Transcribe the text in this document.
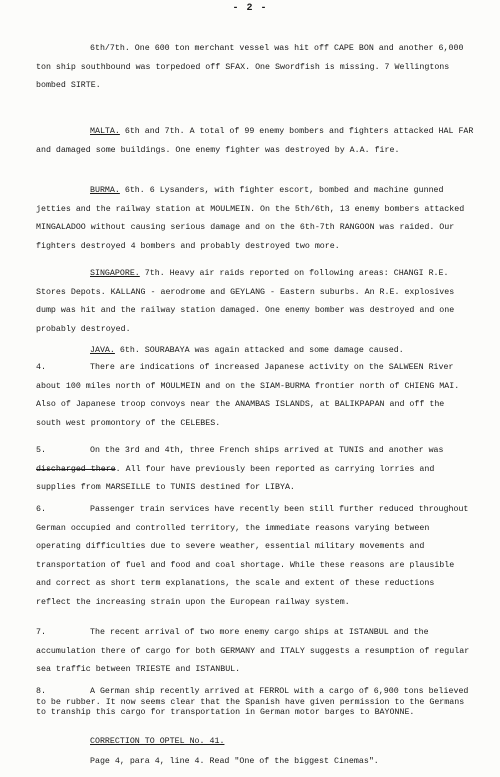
- 2 -

6th/7th. One 600 ton merchant vessel was hit off CAPE BON and another 6,000 ton ship southbound was torpedoed off SFAX. One Swordfish is missing. 7 Wellingtons bombed SIRTE.

MALTA. 6th and 7th. A total of 99 enemy bombers and fighters attacked HAL FAR and damaged some buildings. One enemy fighter was destroyed by A.A. fire.

BURMA. 6th. 6 Lysanders, with fighter escort, bombed and machine gunned jetties and the railway station at MOULMEIN. On the 5th/6th, 13 enemy bombers attacked MINGALADOO without causing serious damage and on the 6th-7th RANGOON was raided. Our fighters destroyed 4 bombers and probably destroyed two more.

SINGAPORE. 7th. Heavy air raids reported on following areas: CHANGI R.E. Stores Depots. KALLANG - aerodrome and GEYLANG - Eastern suburbs. An R.E. explosives dump was hit and the railway station damaged. One enemy bomber was destroyed and one probably destroyed.

JAVA. 6th. SOURABAYA was again attacked and some damage caused.

4.	There are indications of increased Japanese activity on the SALWEEN River about 100 miles north of MOULMEIN and on the SIAM-BURMA frontier north of CHIENG MAI. Also of Japanese troop convoys near the ANAMBAS ISLANDS, at BALIKPAPAN and off the south west promontory of the CELEBES.

5.	On the 3rd and 4th, three French ships arrived at TUNIS and another was discharged there. All four have previously been reported as carrying lorries and supplies from MARSEILLE to TUNIS destined for LIBYA.

6.	Passenger train services have recently been still further reduced throughout German occupied and controlled territory, the immediate reasons varying between operating difficulties due to severe weather, essential military movements and transportation of fuel and food and coal shortage. While these reasons are plausible and correct as short term explanations, the scale and extent of these reductions reflect the increasing strain upon the European railway system.

7.	The recent arrival of two more enemy cargo ships at ISTANBUL and the accumulation there of cargo for both GERMANY and ITALY suggests a resumption of regular sea traffic between TRIESTE and ISTANBUL.

8.	A German ship recently arrived at FERROL with a cargo of 6,900 tons believed to be rubber. It now seems clear that the Spanish have given permission to the Germans to tranship this cargo for transportation in German motor barges to BAYONNE.

CORRECTION TO OPTEL No. 41.

Page 4, para 4, line 4. Read "One of the biggest Cinemas".
